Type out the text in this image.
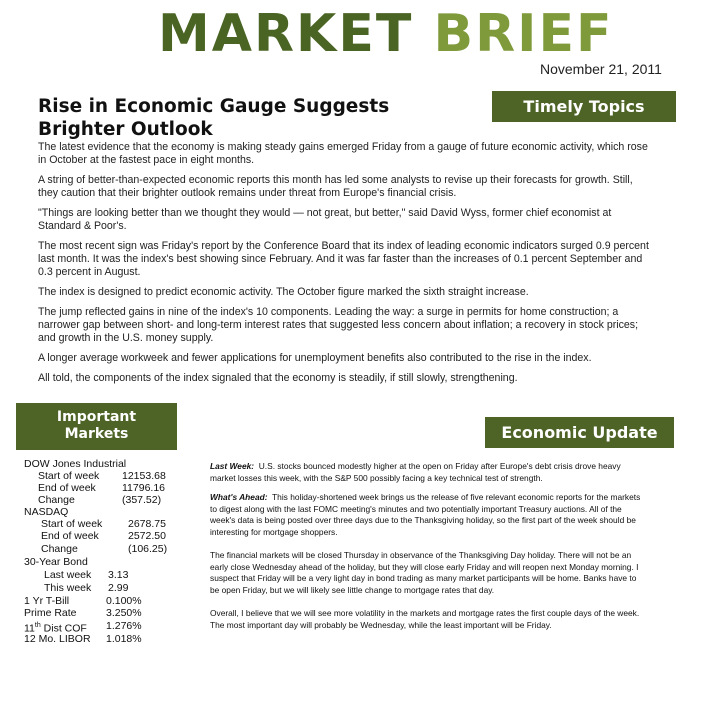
MARKET BRIEF
November 21, 2011
Rise in Economic Gauge Suggests Brighter Outlook
Timely Topics

The latest evidence that the economy is making steady gains emerged Friday from a gauge of future economic activity, which rose in October at the fastest pace in eight months.

A string of better-than-expected economic reports this month has led some analysts to revise up their forecasts for growth. Still, they caution that their brighter outlook remains under threat from Europe's financial crisis.

"Things are looking better than we thought they would — not great, but better," said David Wyss, former chief economist at Standard & Poor's.

The most recent sign was Friday's report by the Conference Board that its index of leading economic indicators surged 0.9 percent last month. It was the index's best showing since February. And it was far faster than the increases of 0.1 percent September and 0.3 percent in August.

The index is designed to predict economic activity. The October figure marked the sixth straight increase.

The jump reflected gains in nine of the index's 10 components. Leading the way: a surge in permits for home construction; a narrower gap between short- and long-term interest rates that suggested less concern about inflation; a recovery in stock prices; and growth in the U.S. money supply.

A longer average workweek and fewer applications for unemployment benefits also contributed to the rise in the index.

All told, the components of the index signaled that the economy is steadily, if still slowly, strengthening.

Important
Markets	Economic Update
DOW Jones Industrial
Start of week 12153.68
End of week 11796.16
Change	(357.52)
NASDAQ
Start of week 2678.75
End of week	2572.50
Change	(106.25)
30-Year Bond
Last week 3.13
This week 2.99
1 Yr T-Bill	0.100%
Prime Rate	3.250%
11th Dist COF 1.276%
12 Mo. LIBOR 1.018%

Last Week: U.S. stocks bounced modestly higher at the open on Friday after Europe's debt crisis drove heavy market losses this week, with the S&P 500 possibly facing a key technical test of strength.

What's Ahead: This holiday-shortened week brings us the release of five relevant economic reports for the markets to digest along with the last FOMC meeting's minutes and two potentially important Treasury auctions. All of the week's data is being posted over three days due to the Thanksgiving holiday, so the first part of the week should be interesting for mortgage shoppers.

The financial markets will be closed Thursday in observance of the Thanksgiving Day holiday. There will not be an early close Wednesday ahead of the holiday, but they will close early Friday and will reopen next Monday morning. I suspect that Friday will be a very light day in bond trading as many market participants will be home. Banks have to be open Friday, but we will likely see little change to mortgage rates that day.

Overall, I believe that we will see more volatility in the markets and mortgage rates the first couple days of the week. The most important day will probably be Wednesday, while the least important will be Friday.
